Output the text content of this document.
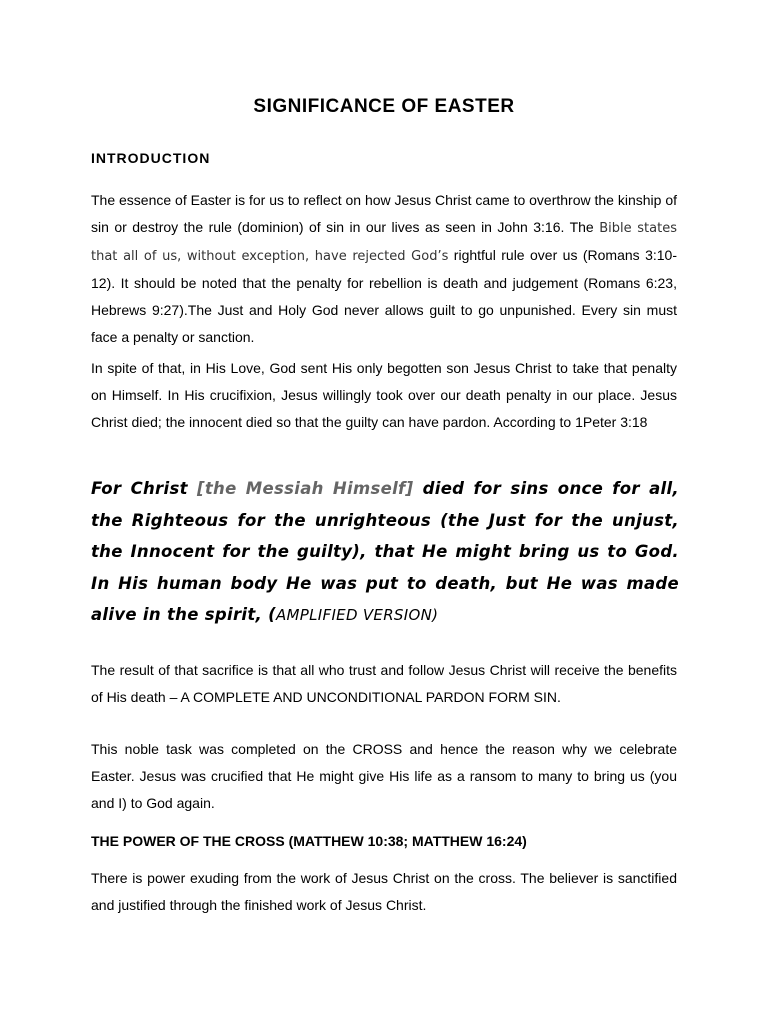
SIGNIFICANCE OF EASTER
INTRODUCTION

The essence of Easter is for us to reflect on how Jesus Christ came to overthrow the kinship of sin or destroy the rule (dominion) of sin in our lives as seen in John 3:16. The Bible states that all of us, without exception, have rejected God’s rightful rule over us (Romans 3:10-12). It should be noted that the penalty for rebellion is death and judgement (Romans 6:23, Hebrews 9:27).The Just and Holy God never allows guilt to go unpunished. Every sin must face a penalty or sanction.

In spite of that, in His Love, God sent His only begotten son Jesus Christ to take that penalty on Himself. In His crucifixion, Jesus willingly took over our death penalty in our place. Jesus Christ died; the innocent died so that the guilty can have pardon. According to 1Peter 3:18

For Christ [the Messiah Himself] died for sins once for all, the Righteous for the unrighteous (the Just for the unjust, the Innocent for the guilty), that He might bring us to God. In His human body He was put to death, but He was made alive in the spirit, (AMPLIFIED VERSION)

The result of that sacrifice is that all who trust and follow Jesus Christ will receive the benefits of His death – A COMPLETE AND UNCONDITIONAL PARDON FORM SIN.

This noble task was completed on the CROSS and hence the reason why we celebrate Easter. Jesus was crucified that He might give His life as a ransom to many to bring us (you and I) to God again.

THE POWER OF THE CROSS (MATTHEW 10:38; MATTHEW 16:24)

There is power exuding from the work of Jesus Christ on the cross. The believer is sanctified and justified through the finished work of Jesus Christ.
